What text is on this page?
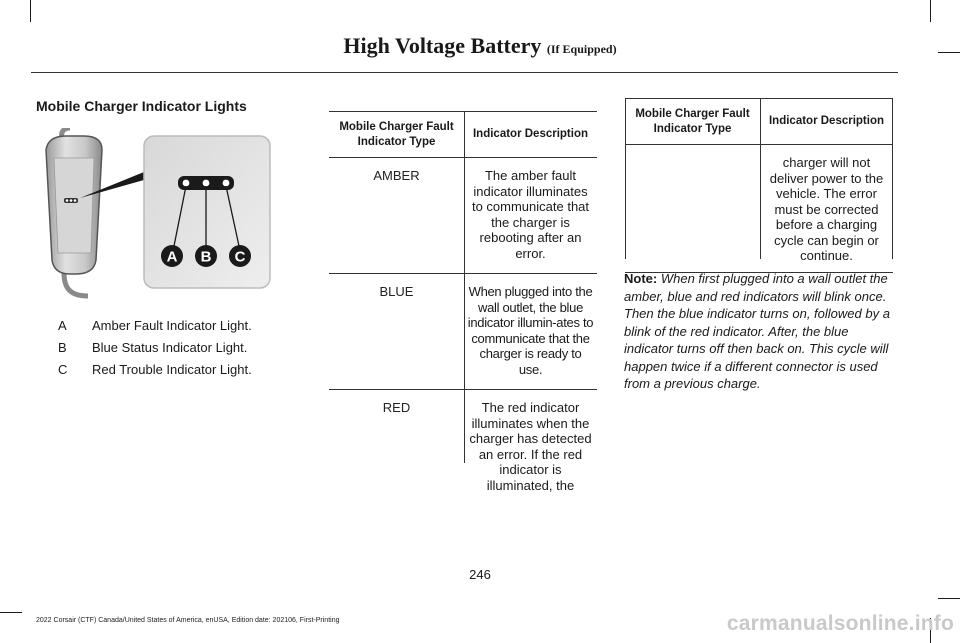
High Voltage Battery (If Equipped)
Mobile Charger Indicator Lights
A B C
A	Amber Fault Indicator Light.
B	Blue Status Indicator Light.
C	Red Trouble Indicator Light.
Mobile Charger Fault Indicator Type	Indicator Description
AMBER	The amber fault indicator illuminates to communicate that the charger is rebooting after an error.
BLUE	When plugged into the wall outlet, the blue indicator illumin-ates to communicate that the charger is ready to use.
RED	The red indicator illuminates when the charger has detected an error. If the red indicator is illuminated, the
Mobile Charger Fault Indicator Type	Indicator Description
	charger will not deliver power to the vehicle. The error must be corrected before a charging cycle can begin or continue.
Note: When first plugged into a wall outlet the amber, blue and red indicators will blink once. Then the blue indicator turns on, followed by a blink of the red indicator. After, the blue indicator turns off then back on. This cycle will happen twice if a different connector is used from a previous charge.
246
2022 Corsair (CTF) Canada/United States of America, enUSA, Edition date: 202106, First-Printing	carmanualsonline.info
